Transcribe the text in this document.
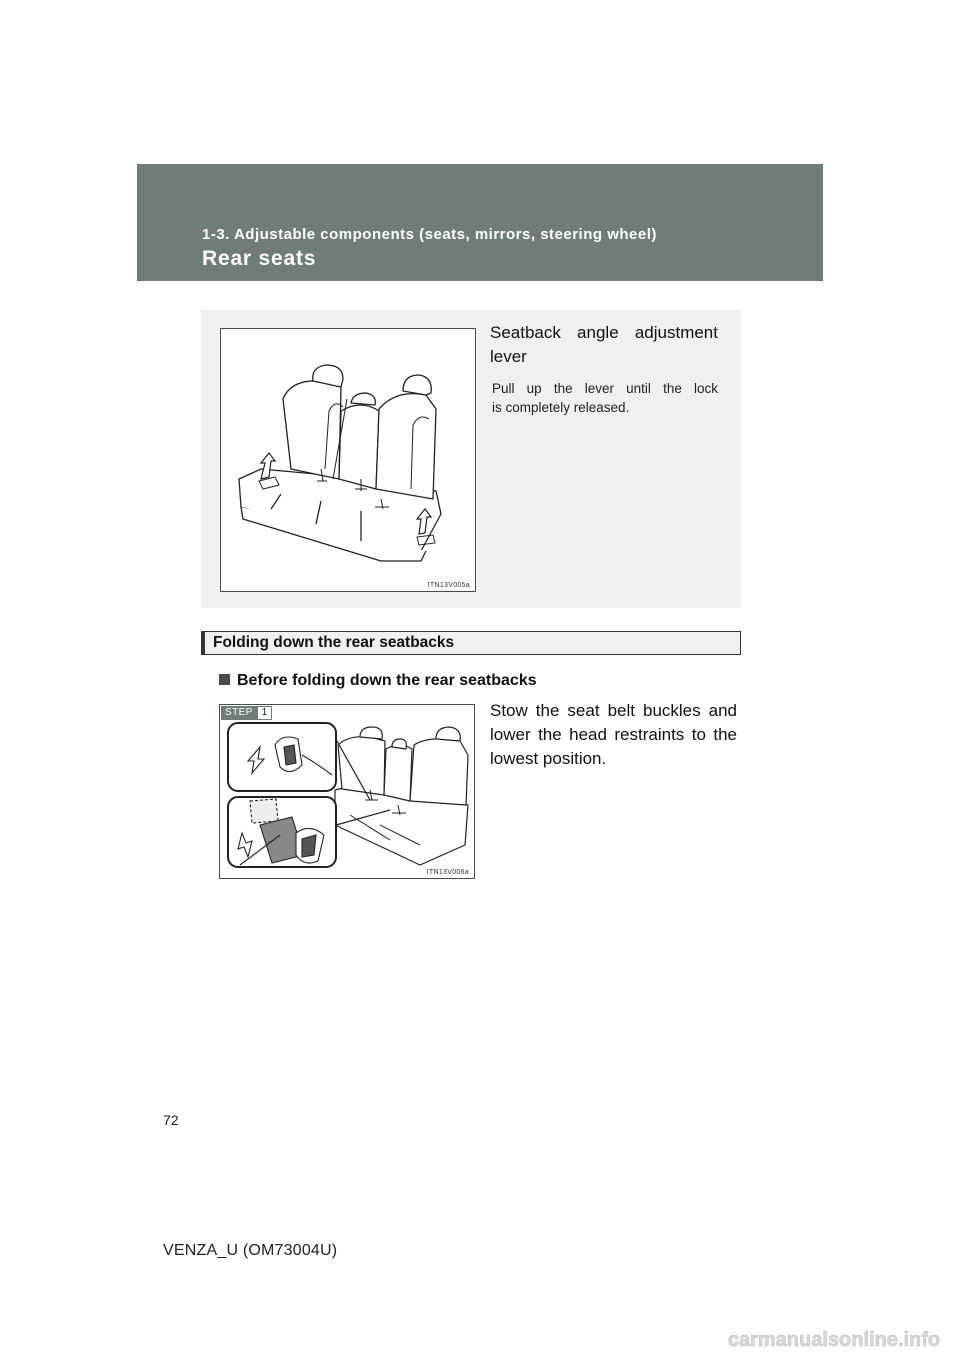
1-3. Adjustable components (seats, mirrors, steering wheel)
Rear seats
ITN13V005a
Seatback angle adjustment
lever
Pull up the lever until the lock
is completely released.
Folding down the rear seatbacks
Before folding down the rear seatbacks
STEP 1
ITN13V006a
Stow the seat belt buckles and
lower the head restraints to the
lowest position.
72
VENZA_U (OM73004U)
carmanualsonline.info
